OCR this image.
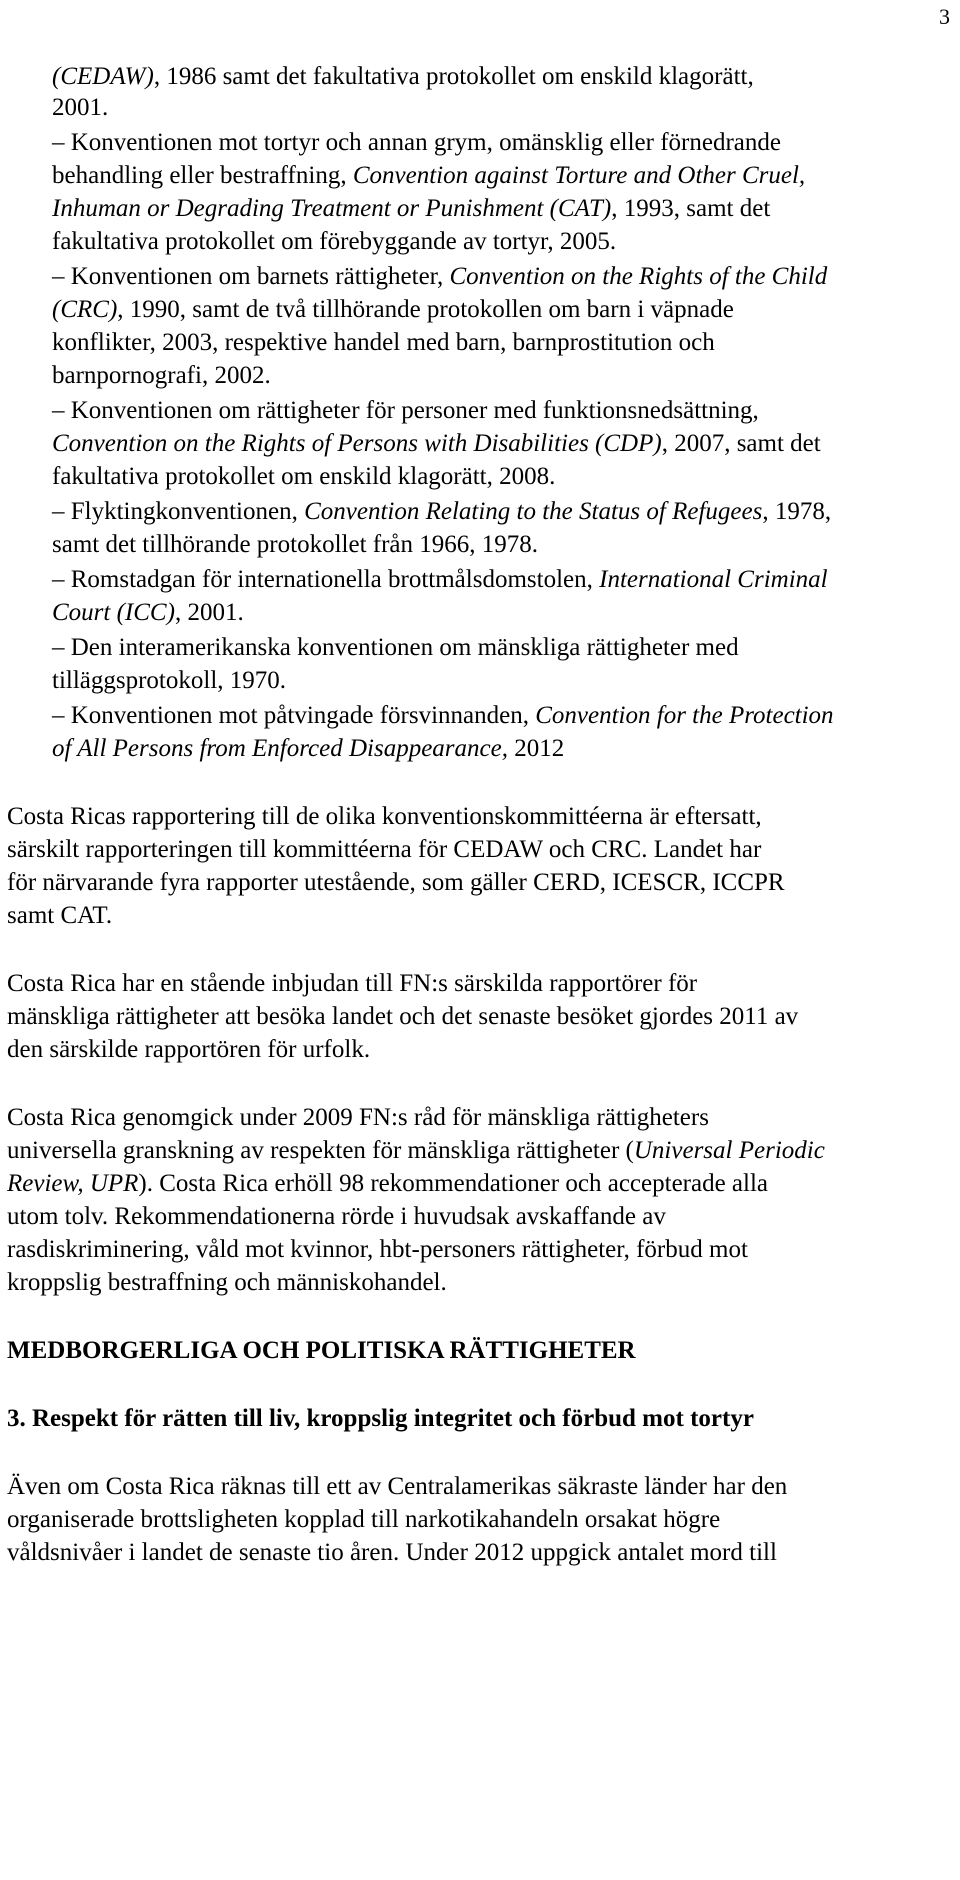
3
(CEDAW), 1986 samt det fakultativa protokollet om enskild klagorätt,
2001.
– Konventionen mot tortyr och annan grym, omänsklig eller förnedrande
behandling eller bestraffning, Convention against Torture and Other Cruel,
Inhuman or Degrading Treatment or Punishment (CAT), 1993, samt det
fakultativa protokollet om förebyggande av tortyr, 2005.
– Konventionen om barnets rättigheter, Convention on the Rights of the Child
(CRC), 1990, samt de två tillhörande protokollen om barn i väpnade
konflikter, 2003, respektive handel med barn, barnprostitution och
barnpornografi, 2002.
– Konventionen om rättigheter för personer med funktionsnedsättning,
Convention on the Rights of Persons with Disabilities (CDP), 2007, samt det
fakultativa protokollet om enskild klagorätt, 2008.
– Flyktingkonventionen, Convention Relating to the Status of Refugees, 1978,
samt det tillhörande protokollet från 1966, 1978.
– Romstadgan för internationella brottmålsdomstolen, International Criminal
Court (ICC), 2001.
– Den interamerikanska konventionen om mänskliga rättigheter med
tilläggsprotokoll, 1970.
– Konventionen mot påtvingade försvinnanden, Convention for the Protection
of All Persons from Enforced Disappearance, 2012
Costa Ricas rapportering till de olika konventionskommittéerna är eftersatt,
särskilt rapporteringen till kommittéerna för CEDAW och CRC. Landet har
för närvarande fyra rapporter utestående, som gäller CERD, ICESCR, ICCPR
samt CAT.
Costa Rica har en stående inbjudan till FN:s särskilda rapportörer för
mänskliga rättigheter att besöka landet och det senaste besöket gjordes 2011 av
den särskilde rapportören för urfolk.
Costa Rica genomgick under 2009 FN:s råd för mänskliga rättigheters
universella granskning av respekten för mänskliga rättigheter (Universal Periodic
Review, UPR). Costa Rica erhöll 98 rekommendationer och accepterade alla
utom tolv. Rekommendationerna rörde i huvudsak avskaffande av
rasdiskriminering, våld mot kvinnor, hbt-personers rättigheter, förbud mot
kroppslig bestraffning och människohandel.
MEDBORGERLIGA OCH POLITISKA RÄTTIGHETER
3. Respekt för rätten till liv, kroppslig integritet och förbud mot tortyr
Även om Costa Rica räknas till ett av Centralamerikas säkraste länder har den
organiserade brottsligheten kopplad till narkotikahandeln orsakat högre
våldsnivåer i landet de senaste tio åren. Under 2012 uppgick antalet mord till
